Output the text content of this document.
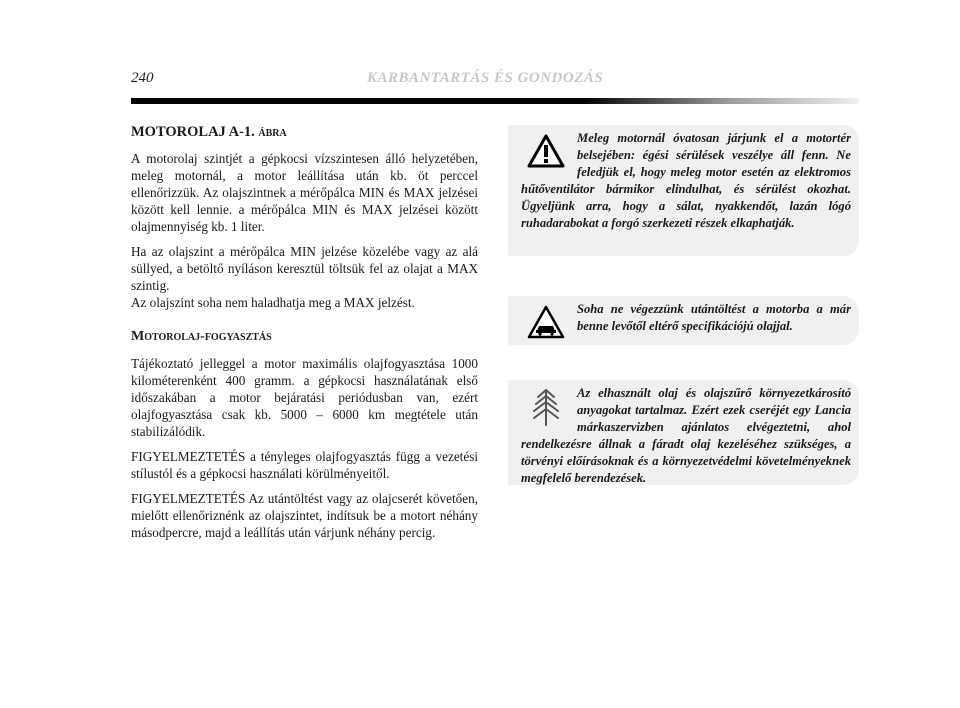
240	KARBANTARTÁS ÉS GONDOZÁS
MOTOROLAJ A-1. ábra

A motorolaj szintjét a gépkocsi vízszintesen álló helyzetében, meleg motornál, a motor leállítása után kb. öt perccel ellenőrizzük. Az olajszintnek a mérőpálca MIN és MAX jelzései között kell lennie. a mérőpálca MIN és MAX jelzései között olajmennyiség kb. 1 liter.

Ha az olajszint a mérőpálca MIN jelzése közelébe vagy az alá süllyed, a betöltő nyíláson keresztül töltsük fel az olajat a MAX szintig.

Az olajszint soha nem haladhatja meg a MAX jelzést.

Motorolaj-fogyasztás

Tájékoztató jelleggel a motor maximális olajfogyasztása 1000 kilométerenként 400 gramm. a gépkocsi használatának első időszakában a motor bejáratási periódusban van, ezért olajfogyasztása csak kb. 5000 – 6000 km megtétele után stabilizálódik.

FIGYELMEZTETÉS a tényleges olajfogyasztás függ a vezetési stílustól és a gépkocsi használati körülményeitől.

FIGYELMEZTETÉS Az utántöltést vagy az olajcserét követően, mielőtt ellenőriznénk az olajszintet, indítsuk be a motort néhány másodpercre, majd a leállítás után várjunk néhány percig.

Meleg motornál óvatosan járjunk el a motortér belsejében: égési sérülések veszélye áll fenn. Ne feledjük el, hogy meleg motor esetén az elektromos hűtőventilátor bármikor elindulhat, és sérülést okozhat. Ügyeljünk arra, hogy a sálat, nyakkendőt, lazán lógó ruhadarabokat a forgó szerkezeti részek elkaphatják.

Soha ne végezzünk utántöltést a motorba a már benne levőtől eltérő specifikációjú olajjal.

Az elhasznált olaj és olajszűrő környezetkárosító anyagokat tartalmaz. Ezért ezek cseréjét egy Lancia márkaszervizben ajánlatos elvégeztetni, ahol rendelkezésre állnak a fáradt olaj kezeléséhez szükséges, a törvényi előírásoknak és a környezetvédelmi követelményeknek megfelelő berendezések.
